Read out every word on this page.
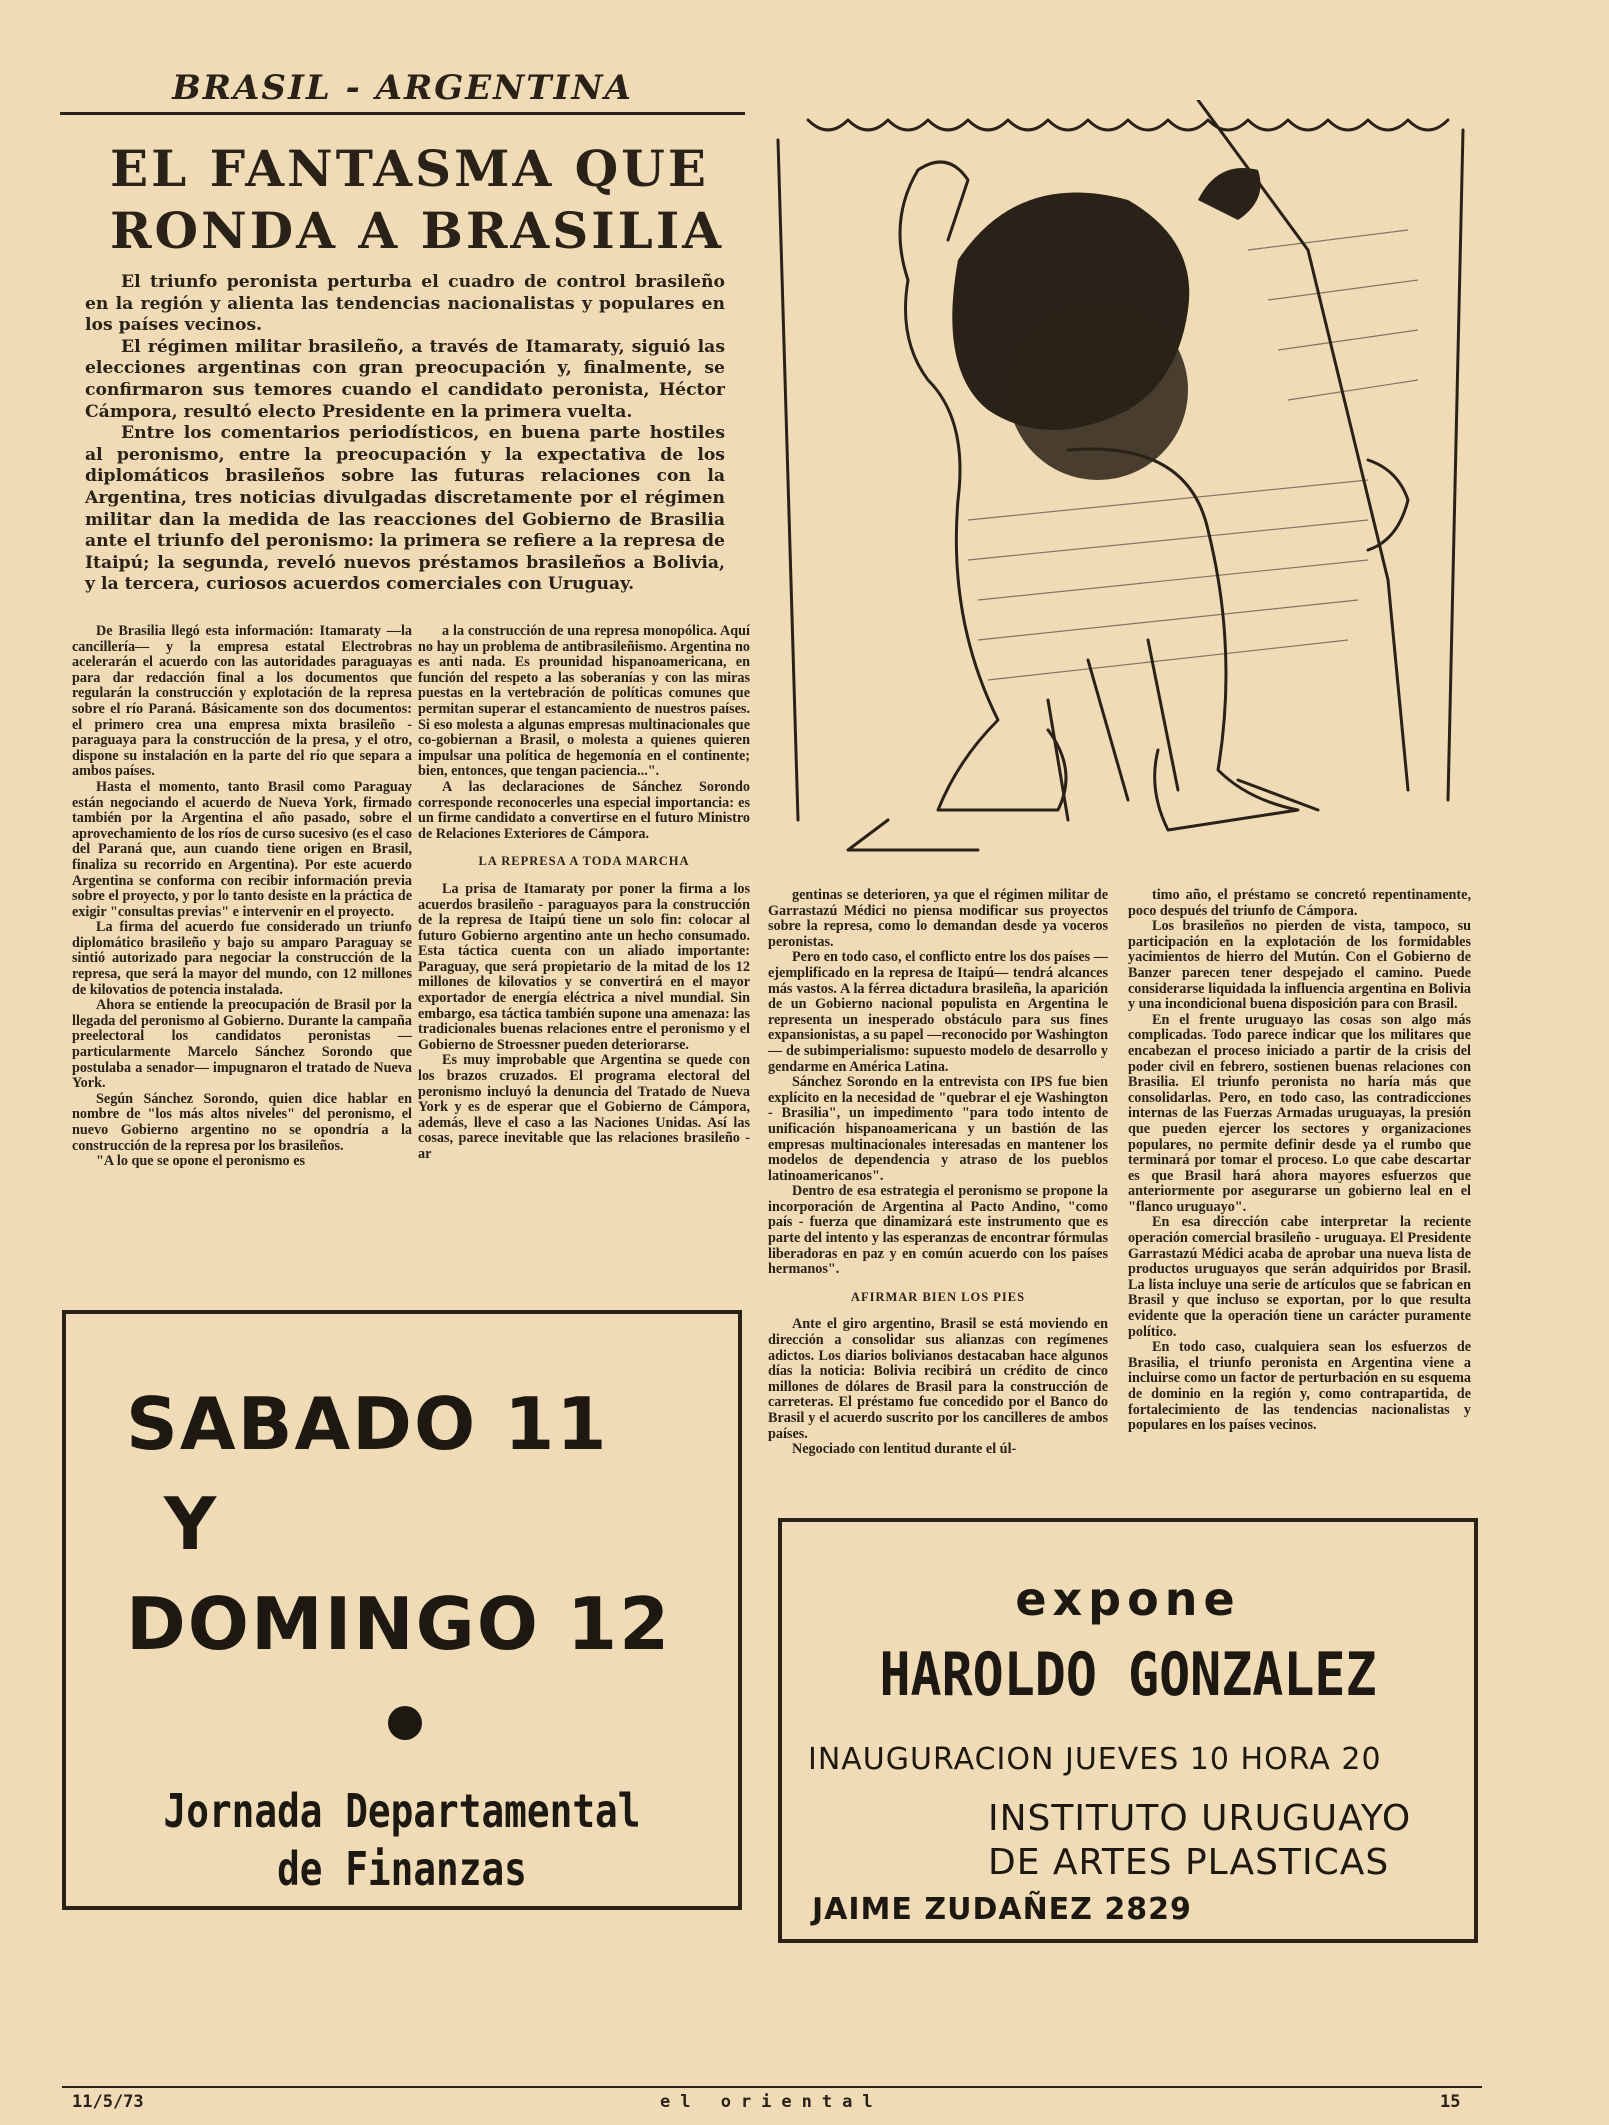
BRASIL - ARGENTINA
EL FANTASMA QUE
RONDA A BRASILIA

El triunfo peronista perturba el cuadro de control brasileño en la región y alienta las tendencias nacionalistas y populares en los países vecinos.

El régimen militar brasileño, a través de Itamaraty, siguió las elecciones argentinas con gran preocupación y, finalmente, se confirmaron sus temores cuando el candidato peronista, Héctor Cámpora, resultó electo Presidente en la primera vuelta.

Entre los comentarios periodísticos, en buena parte hostiles al peronismo, entre la preocupación y la expectativa de los diplomáticos brasileños sobre las futuras relaciones con la Argentina, tres noticias divulgadas discretamente por el régimen militar dan la medida de las reacciones del Gobierno de Brasilia ante el triunfo del peronismo: la primera se refiere a la represa de Itaipú; la segunda, reveló nuevos préstamos brasileños a Bolivia, y la tercera, curiosos acuerdos comerciales con Uruguay.

De Brasilia llegó esta información: Itamaraty —la cancillería— y la empresa estatal Electrobras acelerarán el acuerdo con las autoridades paraguayas para dar redacción final a los documentos que regularán la construcción y explotación de la represa sobre el río Paraná. Básicamente son dos documentos: el primero crea una empresa mixta brasileño - paraguaya para la construcción de la presa, y el otro, dispone su instalación en la parte del río que separa a ambos países.

Hasta el momento, tanto Brasil como Paraguay están negociando el acuerdo de Nueva York, firmado también por la Argentina el año pasado, sobre el aprovechamiento de los ríos de curso sucesivo (es el caso del Paraná que, aun cuando tiene origen en Brasil, finaliza su recorrido en Argentina). Por este acuerdo Argentina se conforma con recibir información previa sobre el proyecto, y por lo tanto desiste en la práctica de exigir "consultas previas" e intervenir en el proyecto.

La firma del acuerdo fue considerado un triunfo diplomático brasileño y bajo su amparo Paraguay se sintió autorizado para negociar la construcción de la represa, que será la mayor del mundo, con 12 millones de kilovatios de potencia instalada.

Ahora se entiende la preocupación de Brasil por la llegada del peronismo al Gobierno. Durante la campaña preelectoral los candidatos peronistas —particularmente Marcelo Sánchez Sorondo que postulaba a senador— impugnaron el tratado de Nueva York.

Según Sánchez Sorondo, quien dice hablar en nombre de "los más altos niveles" del peronismo, el nuevo Gobierno argentino no se opondría a la construcción de la represa por los brasileños.

"A lo que se opone el peronismo es

a la construcción de una represa monopólica. Aquí no hay un problema de antibrasileñismo. Argentina no es anti nada. Es prounidad hispanoamericana, en función del respeto a las soberanías y con las miras puestas en la vertebración de políticas comunes que permitan superar el estancamiento de nuestros países. Si eso molesta a algunas empresas multinacionales que co-gobiernan a Brasil, o molesta a quienes quieren impulsar una política de hegemonía en el continente; bien, entonces, que tengan paciencia...".

A las declaraciones de Sánchez Sorondo corresponde reconocerles una especial importancia: es un firme candidato a convertirse en el futuro Ministro de Relaciones Exteriores de Cámpora.

LA REPRESA A TODA MARCHA

La prisa de Itamaraty por poner la firma a los acuerdos brasileño - paraguayos para la construcción de la represa de Itaipú tiene un solo fin: colocar al futuro Gobierno argentino ante un hecho consumado. Esta táctica cuenta con un aliado importante: Paraguay, que será propietario de la mitad de los 12 millones de kilovatios y se convertirá en el mayor exportador de energía eléctrica a nivel mundial. Sin embargo, esa táctica también supone una amenaza: las tradicionales buenas relaciones entre el peronismo y el Gobierno de Stroessner pueden deteriorarse.

Es muy improbable que Argentina se quede con los brazos cruzados. El programa electoral del peronismo incluyó la denuncia del Tratado de Nueva York y es de esperar que el Gobierno de Cámpora, además, lleve el caso a las Naciones Unidas. Así las cosas, parece inevitable que las relaciones brasileño - ar

gentinas se deterioren, ya que el régimen militar de Garrastazú Médici no piensa modificar sus proyectos sobre la represa, como lo demandan desde ya voceros peronistas.

Pero en todo caso, el conflicto entre los dos países —ejemplificado en la represa de Itaipú— tendrá alcances más vastos. A la férrea dictadura brasileña, la aparición de un Gobierno nacional populista en Argentina le representa un inesperado obstáculo para sus fines expansionistas, a su papel —reconocido por Washington— de subimperialismo: supuesto modelo de desarrollo y gendarme en América Latina.

Sánchez Sorondo en la entrevista con IPS fue bien explícito en la necesidad de "quebrar el eje Washington - Brasilia", un impedimento "para todo intento de unificación hispanoamericana y un bastión de las empresas multinacionales interesadas en mantener los modelos de dependencia y atraso de los pueblos latinoamericanos".

Dentro de esa estrategia el peronismo se propone la incorporación de Argentina al Pacto Andino, "como país - fuerza que dinamizará este instrumento que es parte del intento y las esperanzas de encontrar fórmulas liberadoras en paz y en común acuerdo con los países hermanos".

AFIRMAR BIEN LOS PIES

Ante el giro argentino, Brasil se está moviendo en dirección a consolidar sus alianzas con regímenes adictos. Los diarios bolivianos destacaban hace algunos días la noticia: Bolivia recibirá un crédito de cinco millones de dólares de Brasil para la construcción de carreteras. El préstamo fue concedido por el Banco do Brasil y el acuerdo suscrito por los cancilleres de ambos países.

Negociado con lentitud durante el úl-

timo año, el préstamo se concretó repentinamente, poco después del triunfo de Cámpora.

Los brasileños no pierden de vista, tampoco, su participación en la explotación de los formidables yacimientos de hierro del Mutún. Con el Gobierno de Banzer parecen tener despejado el camino. Puede considerarse liquidada la influencia argentina en Bolivia y una incondicional buena disposición para con Brasil.

En el frente uruguayo las cosas son algo más complicadas. Todo parece indicar que los militares que encabezan el proceso iniciado a partir de la crisis del poder civil en febrero, sostienen buenas relaciones con Brasilia. El triunfo peronista no haría más que consolidarlas. Pero, en todo caso, las contradicciones internas de las Fuerzas Armadas uruguayas, la presión que pueden ejercer los sectores y organizaciones populares, no permite definir desde ya el rumbo que terminará por tomar el proceso. Lo que cabe descartar es que Brasil hará ahora mayores esfuerzos que anteriormente por asegurarse un gobierno leal en el "flanco uruguayo".

En esa dirección cabe interpretar la reciente operación comercial brasileño - uruguaya. El Presidente Garrastazú Médici acaba de aprobar una nueva lista de productos uruguayos que serán adquiridos por Brasil. La lista incluye una serie de artículos que se fabrican en Brasil y que incluso se exportan, por lo que resulta evidente que la operación tiene un carácter puramente político.

En todo caso, cualquiera sean los esfuerzos de Brasilia, el triunfo peronista en Argentina viene a incluirse como un factor de perturbación en su esquema de dominio en la región y, como contrapartida, de fortalecimiento de las tendencias nacionalistas y populares en los países vecinos.

SABADO 11
Y
DOMINGO 12
Jornada Departamental
de Finanzas
expone
HAROLDO GONZALEZ
INAUGURACION JUEVES 10 HORA 20
INSTITUTO URUGUAYO
DE ARTES PLASTICAS
JAIME ZUDAÑEZ 2829
11/5/73	el oriental	15
